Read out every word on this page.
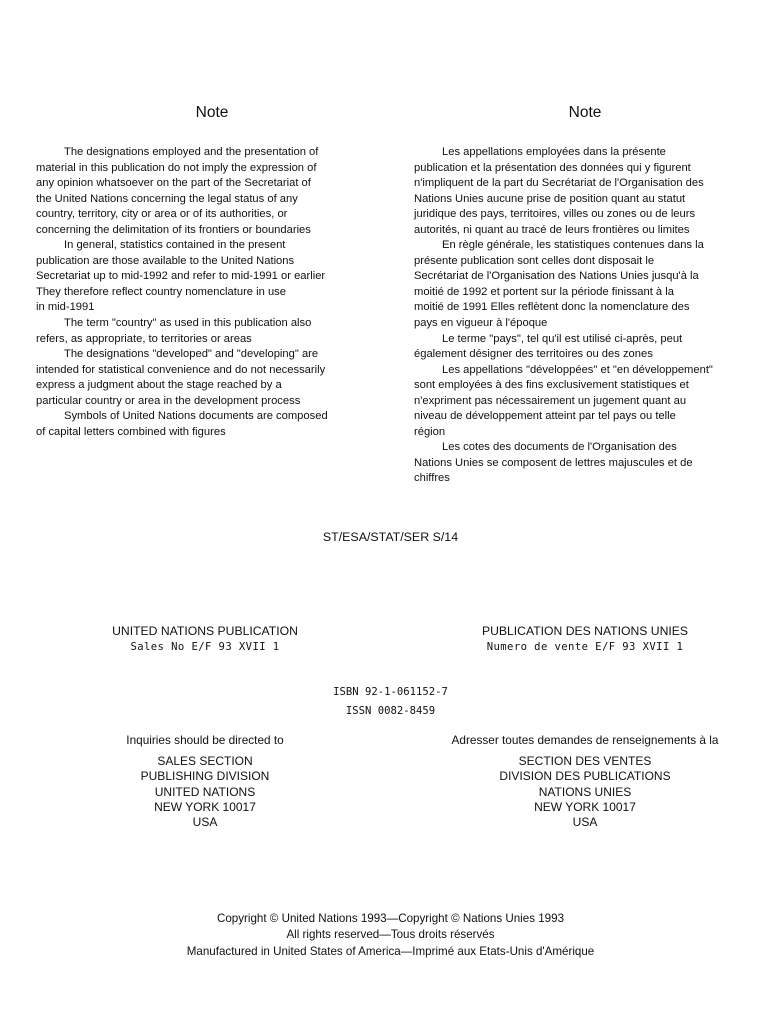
Note	Note
The designations employed and the presentation of
material in this publication do not imply the expression of
any opinion whatsoever on the part of the Secretariat of
the United Nations concerning the legal status of any
country, territory, city or area or of its authorities, or
concerning the delimitation of its frontiers or boundaries
In general, statistics contained in the present
publication are those available to the United Nations
Secretariat up to mid-1992 and refer to mid-1991 or earlier
They therefore reflect country nomenclature in use
in mid-1991
The term "country" as used in this publication also
refers, as appropriate, to territories or areas
The designations "developed" and "developing" are
intended for statistical convenience and do not necessarily
express a judgment about the stage reached by a
particular country or area in the development process
Symbols of United Nations documents are composed
of capital letters combined with figures
Les appellations employées dans la présente
publication et la présentation des données qui y figurent
n'impliquent de la part du Secrétariat de l'Organisation des
Nations Unies aucune prise de position quant au statut
juridique des pays, territoires, villes ou zones ou de leurs
autorités, ni quant au tracé de leurs frontières ou limites
En règle générale, les statistiques contenues dans la
présente publication sont celles dont disposait le
Secrétariat de l'Organisation des Nations Unies jusqu'à la
moitié de 1992 et portent sur la période finissant à la
moitié de 1991 Elles reflètent donc la nomenclature des
pays en vigueur à l'époque
Le terme "pays", tel qu'il est utilisé ci-après, peut
également désigner des territoires ou des zones
Les appellations "développées" et "en développement"
sont employées à des fins exclusivement statistiques et
n'expriment pas nécessairement un jugement quant au
niveau de développement atteint par tel pays ou telle
région
Les cotes des documents de l'Organisation des
Nations Unies se composent de lettres majuscules et de
chiffres
ST/ESA/STAT/SER S/14
UNITED NATIONS PUBLICATION
Sales No E/F 93 XVII 1
PUBLICATION DES NATIONS UNIES
Numero de vente E/F 93 XVII 1
ISBN 92-1-061152-7
ISSN 0082-8459
Inquiries should be directed to
SALES SECTION
PUBLISHING DIVISION
UNITED NATIONS
NEW YORK 10017
USA
Adresser toutes demandes de renseignements à la
SECTION DES VENTES
DIVISION DES PUBLICATIONS
NATIONS UNIES
NEW YORK 10017
USA
Copyright © United Nations 1993—Copyright © Nations Unies 1993
All rights reserved—Tous droits réservés
Manufactured in United States of America—Imprimé aux Etats-Unis d'Amérique
